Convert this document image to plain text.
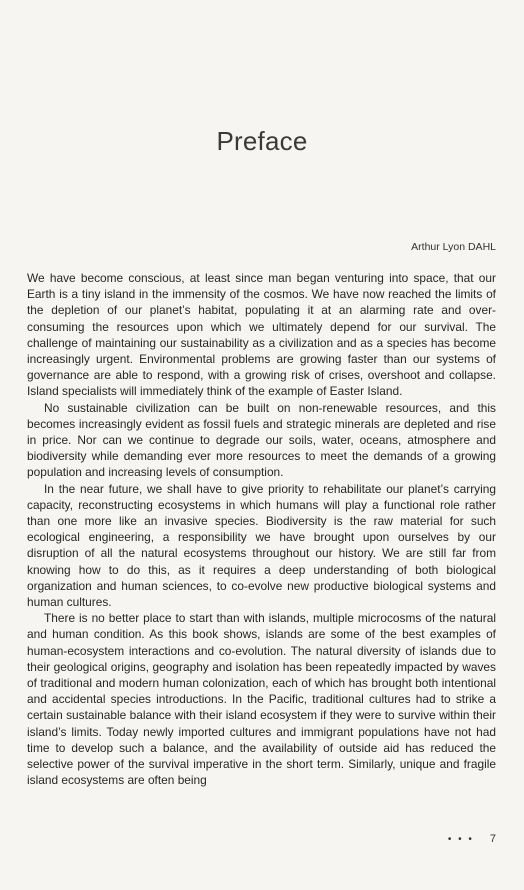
Preface
Arthur Lyon DAHL

We have become conscious, at least since man began venturing into space, that our Earth is a tiny island in the immensity of the cosmos. We have now reached the limits of the depletion of our planet’s habitat, populating it at an alarming rate and over-consuming the resources upon which we ultimately depend for our survival. The challenge of maintaining our sustainability as a civilization and as a species has become increasingly urgent. Environmental problems are growing faster than our systems of governance are able to respond, with a growing risk of crises, overshoot and collapse. Island specialists will immediately think of the example of Easter Island.

No sustainable civilization can be built on non-renewable resources, and this becomes increasingly evident as fossil fuels and strategic minerals are depleted and rise in price. Nor can we continue to degrade our soils, water, oceans, atmosphere and biodiversity while demanding ever more resources to meet the demands of a growing population and increasing levels of consumption.

In the near future, we shall have to give priority to rehabilitate our planet’s carrying capacity, reconstructing ecosystems in which humans will play a functional role rather than one more like an invasive species. Biodiversity is the raw material for such ecological engineering, a responsibility we have brought upon ourselves by our disruption of all the natural ecosystems throughout our history. We are still far from knowing how to do this, as it requires a deep understanding of both biological organization and human sciences, to co-evolve new productive biological systems and human cultures.

There is no better place to start than with islands, multiple microcosms of the natural and human condition. As this book shows, islands are some of the best examples of human-ecosystem interactions and co-evolution. The natural diversity of islands due to their geological origins, geography and isolation has been repeatedly impacted by waves of traditional and modern human colonization, each of which has brought both intentional and accidental species introductions. In the Pacific, traditional cultures had to strike a certain sustainable balance with their island ecosystem if they were to survive within their island’s limits. Today newly imported cultures and immigrant populations have not had time to develop such a balance, and the availability of outside aid has reduced the selective power of the survival imperative in the short term. Similarly, unique and fragile island ecosystems are often being

• • • 7
